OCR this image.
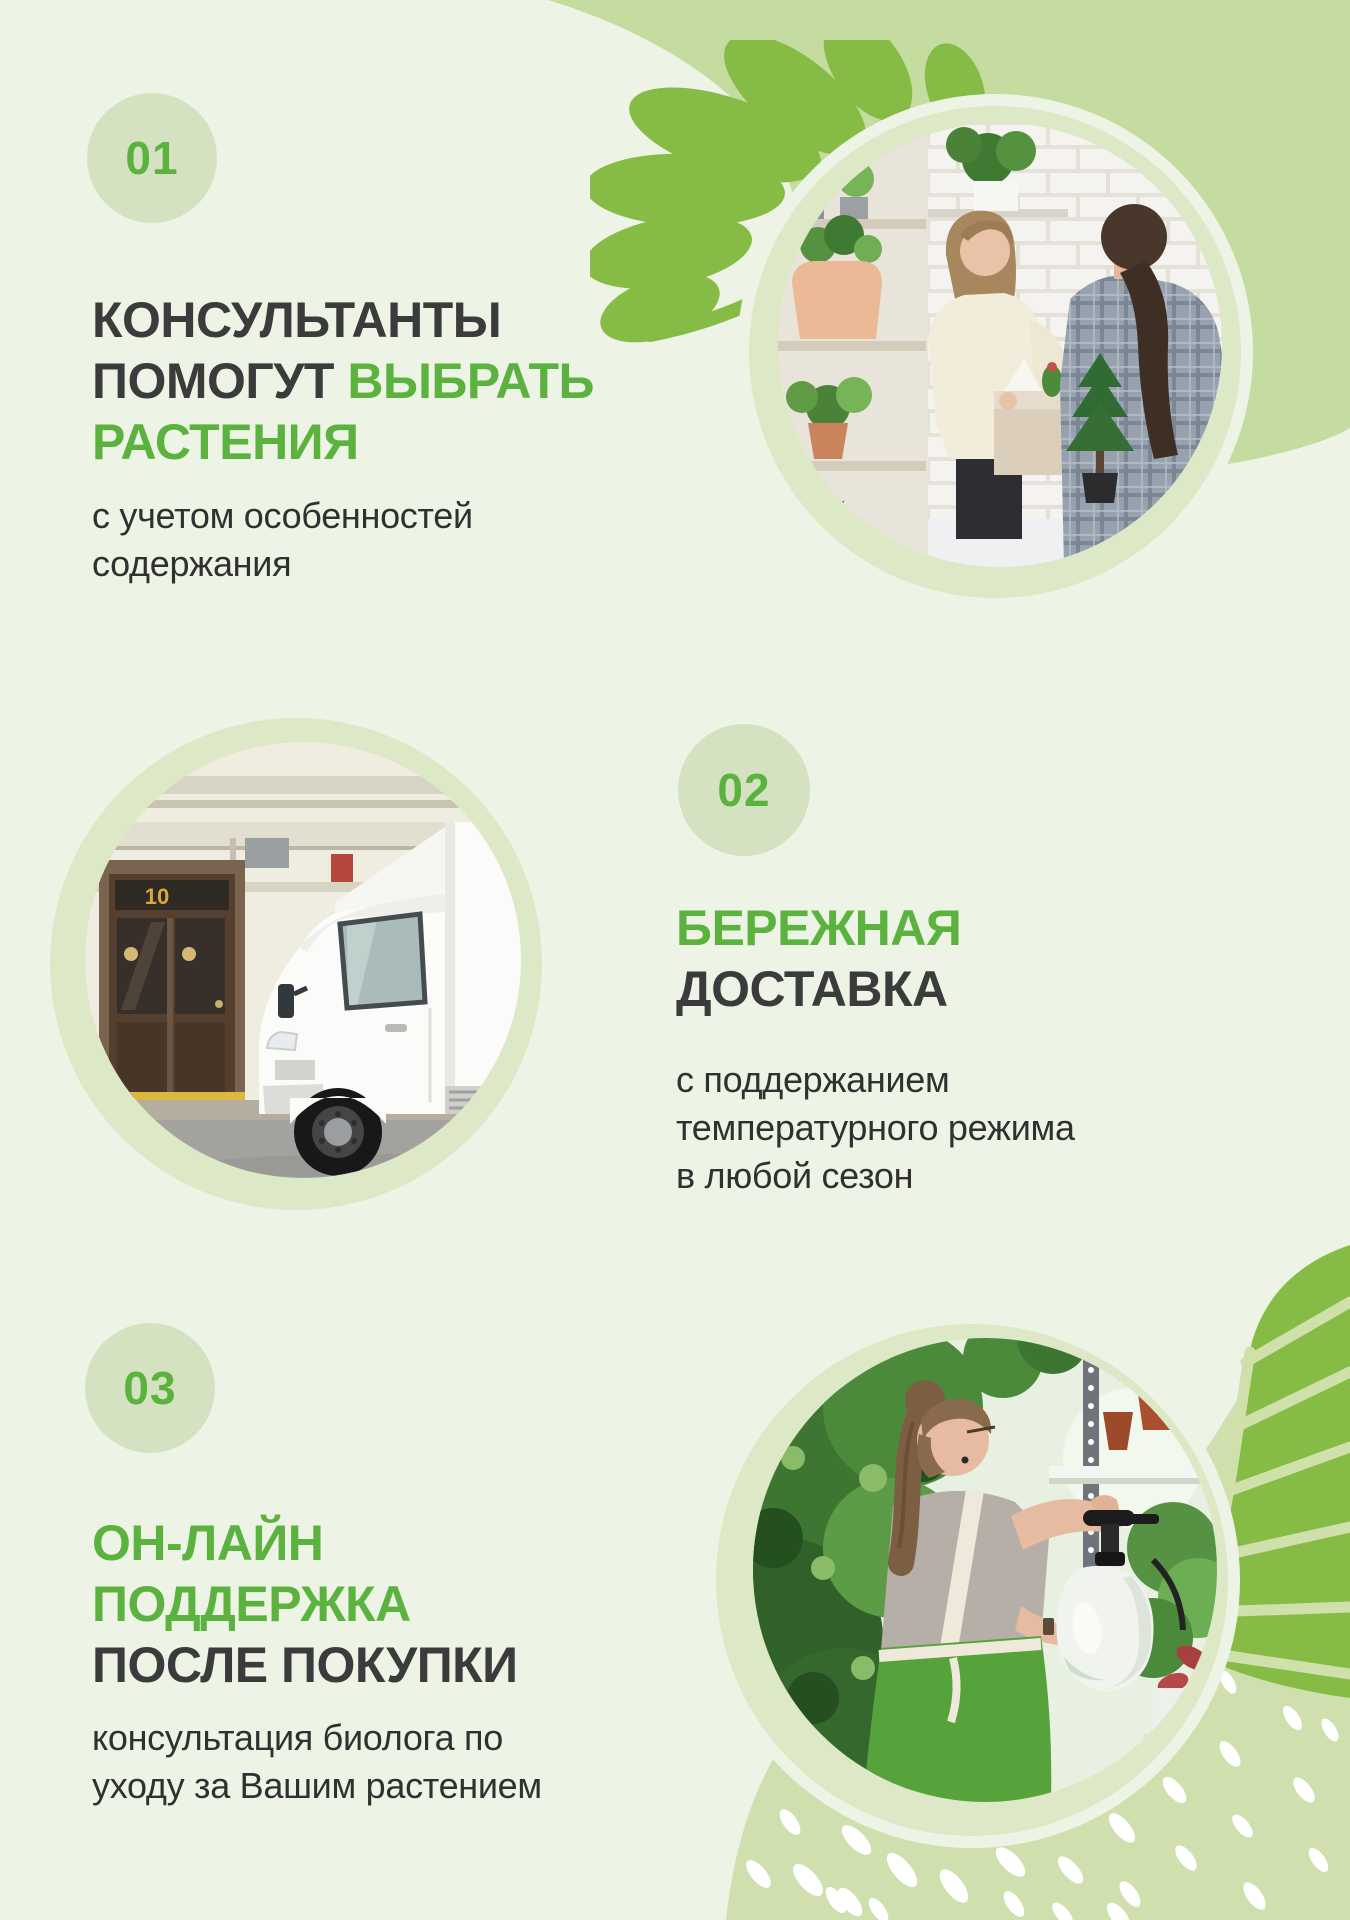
01
КОНСУЛЬТАНТЫ
ПОМОГУТ ВЫБРАТЬ
РАСТЕНИЯ
с учетом особенностей
содержания
10
02
БЕРЕЖНАЯ
ДОСТАВКА
с поддержанием
температурного режима
в любой сезон
03
ОН-ЛАЙН
ПОДДЕРЖКА
ПОСЛЕ ПОКУПКИ
консультация биолога по
уходу за Вашим растением
